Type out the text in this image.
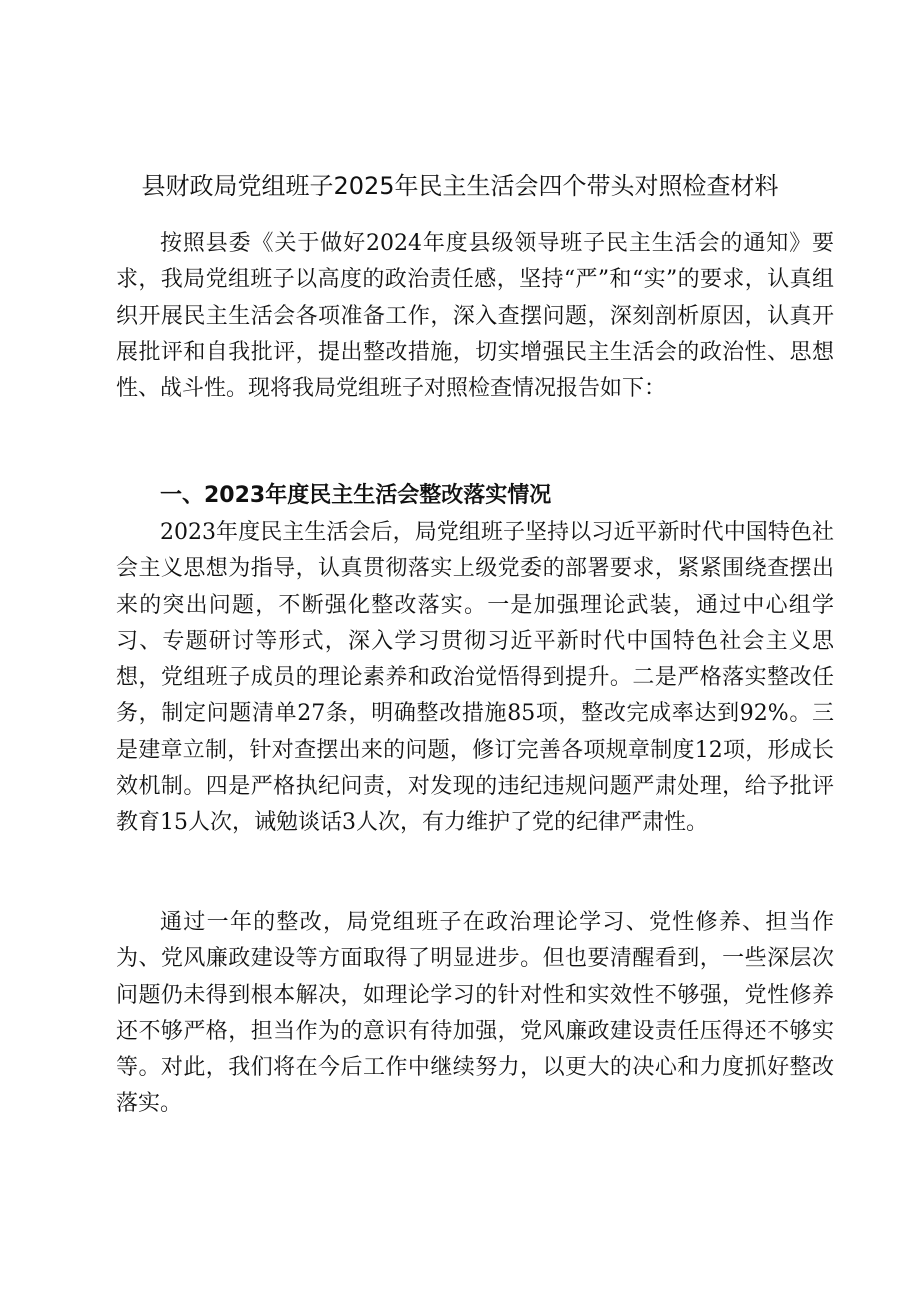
县财政局党组班子2025年民主生活会四个带头对照检查材料

按照县委《关于做好2024年度县级领导班子民主生活会的通知》要求，我局党组班子以高度的政治责任感，坚持“严”和“实”的要求，认真组织开展民主生活会各项准备工作，深入查摆问题，深刻剖析原因，认真开展批评和自我批评，提出整改措施，切实增强民主生活会的政治性、思想性、战斗性。现将我局党组班子对照检查情况报告如下：

一、2023年度民主生活会整改落实情况

2023年度民主生活会后，局党组班子坚持以习近平新时代中国特色社会主义思想为指导，认真贯彻落实上级党委的部署要求，紧紧围绕查摆出来的突出问题，不断强化整改落实。一是加强理论武装，通过中心组学习、专题研讨等形式，深入学习贯彻习近平新时代中国特色社会主义思想，党组班子成员的理论素养和政治觉悟得到提升。二是严格落实整改任务，制定问题清单27条，明确整改措施85项，整改完成率达到92%。三是建章立制，针对查摆出来的问题，修订完善各项规章制度12项，形成长效机制。四是严格执纪问责，对发现的违纪违规问题严肃处理，给予批评教育15人次，诫勉谈话3人次，有力维护了党的纪律严肃性。

通过一年的整改，局党组班子在政治理论学习、党性修养、担当作为、党风廉政建设等方面取得了明显进步。但也要清醒看到，一些深层次问题仍未得到根本解决，如理论学习的针对性和实效性不够强，党性修养还不够严格，担当作为的意识有待加强，党风廉政建设责任压得还不够实等。对此，我们将在今后工作中继续努力，以更大的决心和力度抓好整改落实。
